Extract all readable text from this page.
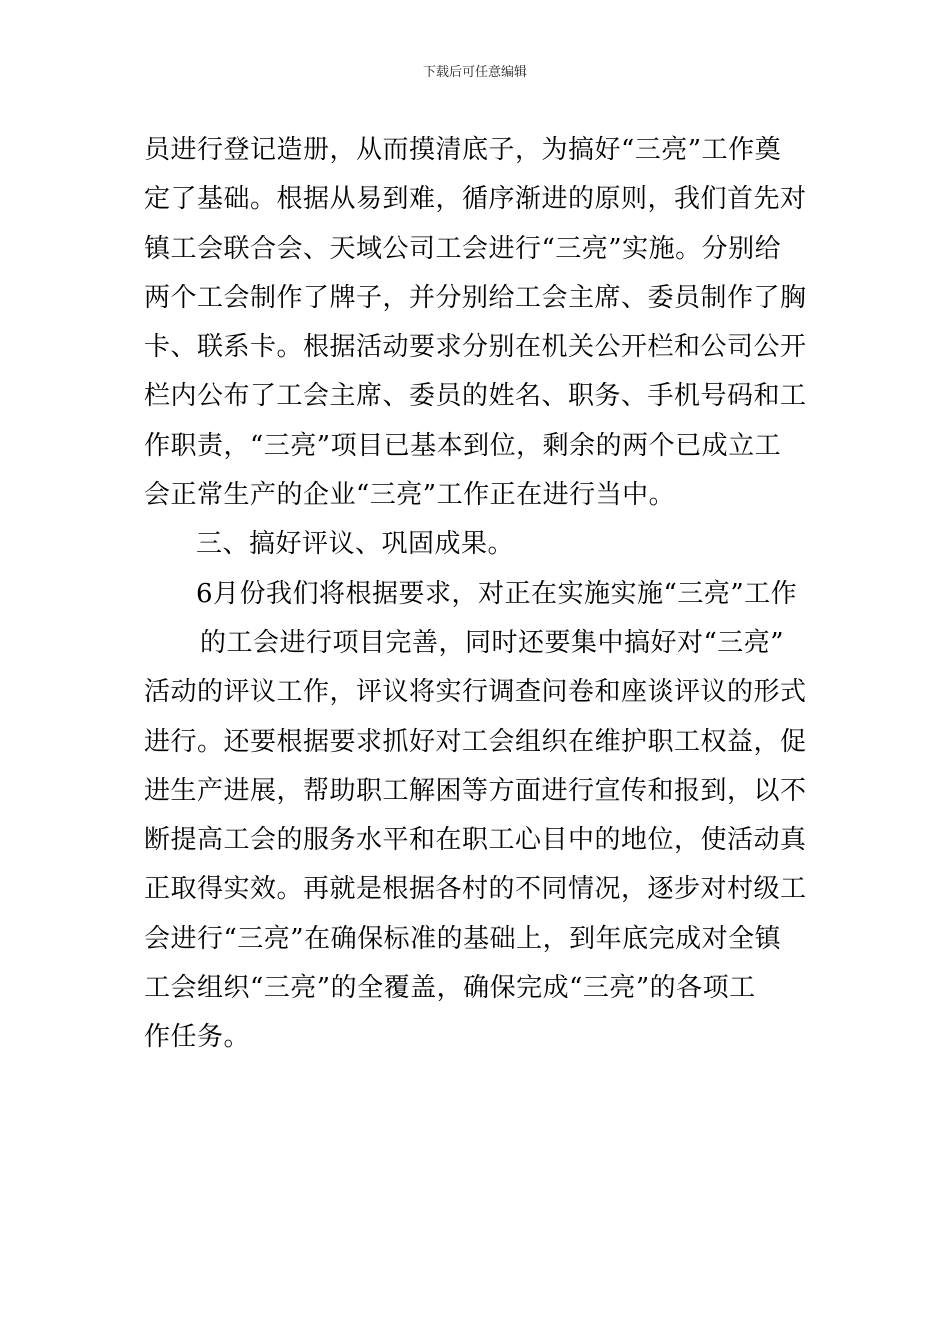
下载后可任意编辑
员进行登记造册，从而摸清底子，为搞好“三亮”工作奠
定了基础。根据从易到难，循序渐进的原则，我们首先对
镇工会联合会、天域公司工会进行“三亮”实施。分别给
两个工会制作了牌子，并分别给工会主席、委员制作了胸
卡、联系卡。根据活动要求分别在机关公开栏和公司公开
栏内公布了工会主席、委员的姓名、职务、手机号码和工
作职责，“三亮”项目已基本到位，剩余的两个已成立工
会正常生产的企业“三亮”工作正在进行当中。
三、搞好评议、巩固成果。
6月份我们将根据要求，对正在实施实施“三亮”工作
的工会进行项目完善，同时还要集中搞好对“三亮”
活动的评议工作，评议将实行调查问卷和座谈评议的形式
进行。还要根据要求抓好对工会组织在维护职工权益，促
进生产进展，帮助职工解困等方面进行宣传和报到，以不
断提高工会的服务水平和在职工心目中的地位，使活动真
正取得实效。再就是根据各村的不同情况，逐步对村级工
会进行“三亮”在确保标准的基础上，到年底完成对全镇
工会组织“三亮”的全覆盖，确保完成“三亮”的各项工
作任务。
